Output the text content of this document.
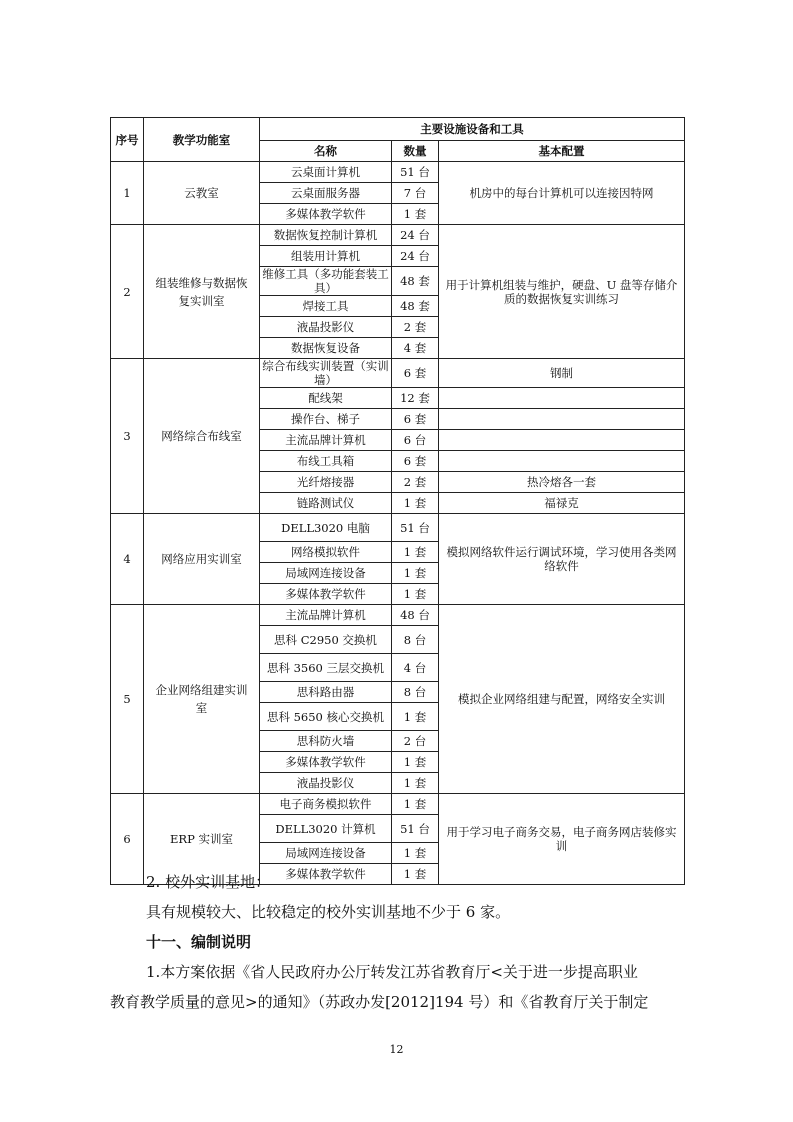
序号	教学功能室	主要设施设备和工具		
		名称	数量	基本配置
1	云教室	云桌面计算机	51 台	机房中的每台计算机可以连接因特网
		云桌面服务器	7 台	
		多媒体教学软件	1 套	
2	组装维修与数据恢复实训室	数据恢复控制计算机	24 台	用于计算机组装与维护，硬盘、U 盘等存储介质的数据恢复实训练习
		组装用计算机	24 台	
		维修工具（多功能套装工具）	48 套	
		焊接工具	48 套	
		液晶投影仪	2 套	
		数据恢复设备	4 套	
3	网络综合布线室	综合布线实训装置（实训墙）	6 套	钢制
		配线架	12 套	
		操作台、梯子	6 套	
		主流品牌计算机	6 台	
		布线工具箱	6 套	
		光纤熔接器	2 套	热冷熔各一套
		链路测试仪	1 套	福禄克
4	网络应用实训室	DELL3020 电脑	51 台	模拟网络软件运行调试环境，学习使用各类网络软件
		网络模拟软件	1 套	
		局域网连接设备	1 套	
		多媒体教学软件	1 套	
5	企业网络组建实训室	主流品牌计算机	48 台	模拟企业网络组建与配置，网络安全实训
		思科 C2950 交换机	8 台	
		思科 3560 三层交换机	4 台	
		思科路由器	8 台	
		思科 5650 核心交换机	1 套	
		思科防火墙	2 台	
		多媒体教学软件	1 套	
		液晶投影仪	1 套	
6	ERP 实训室	电子商务模拟软件	1 套	用于学习电子商务交易，电子商务网店装修实训
		DELL3020 计算机	51 台	
		局域网连接设备	1 套	
		多媒体教学软件	1 套	
2. 校外实训基地：
具有规模较大、比较稳定的校外实训基地不少于 6 家。
十一、编制说明
1.本方案依据《省人民政府办公厅转发江苏省教育厅<关于进一步提高职业
教育教学质量的意见>的通知》（苏政办发[2012]194 号）和《省教育厅关于制定
12
